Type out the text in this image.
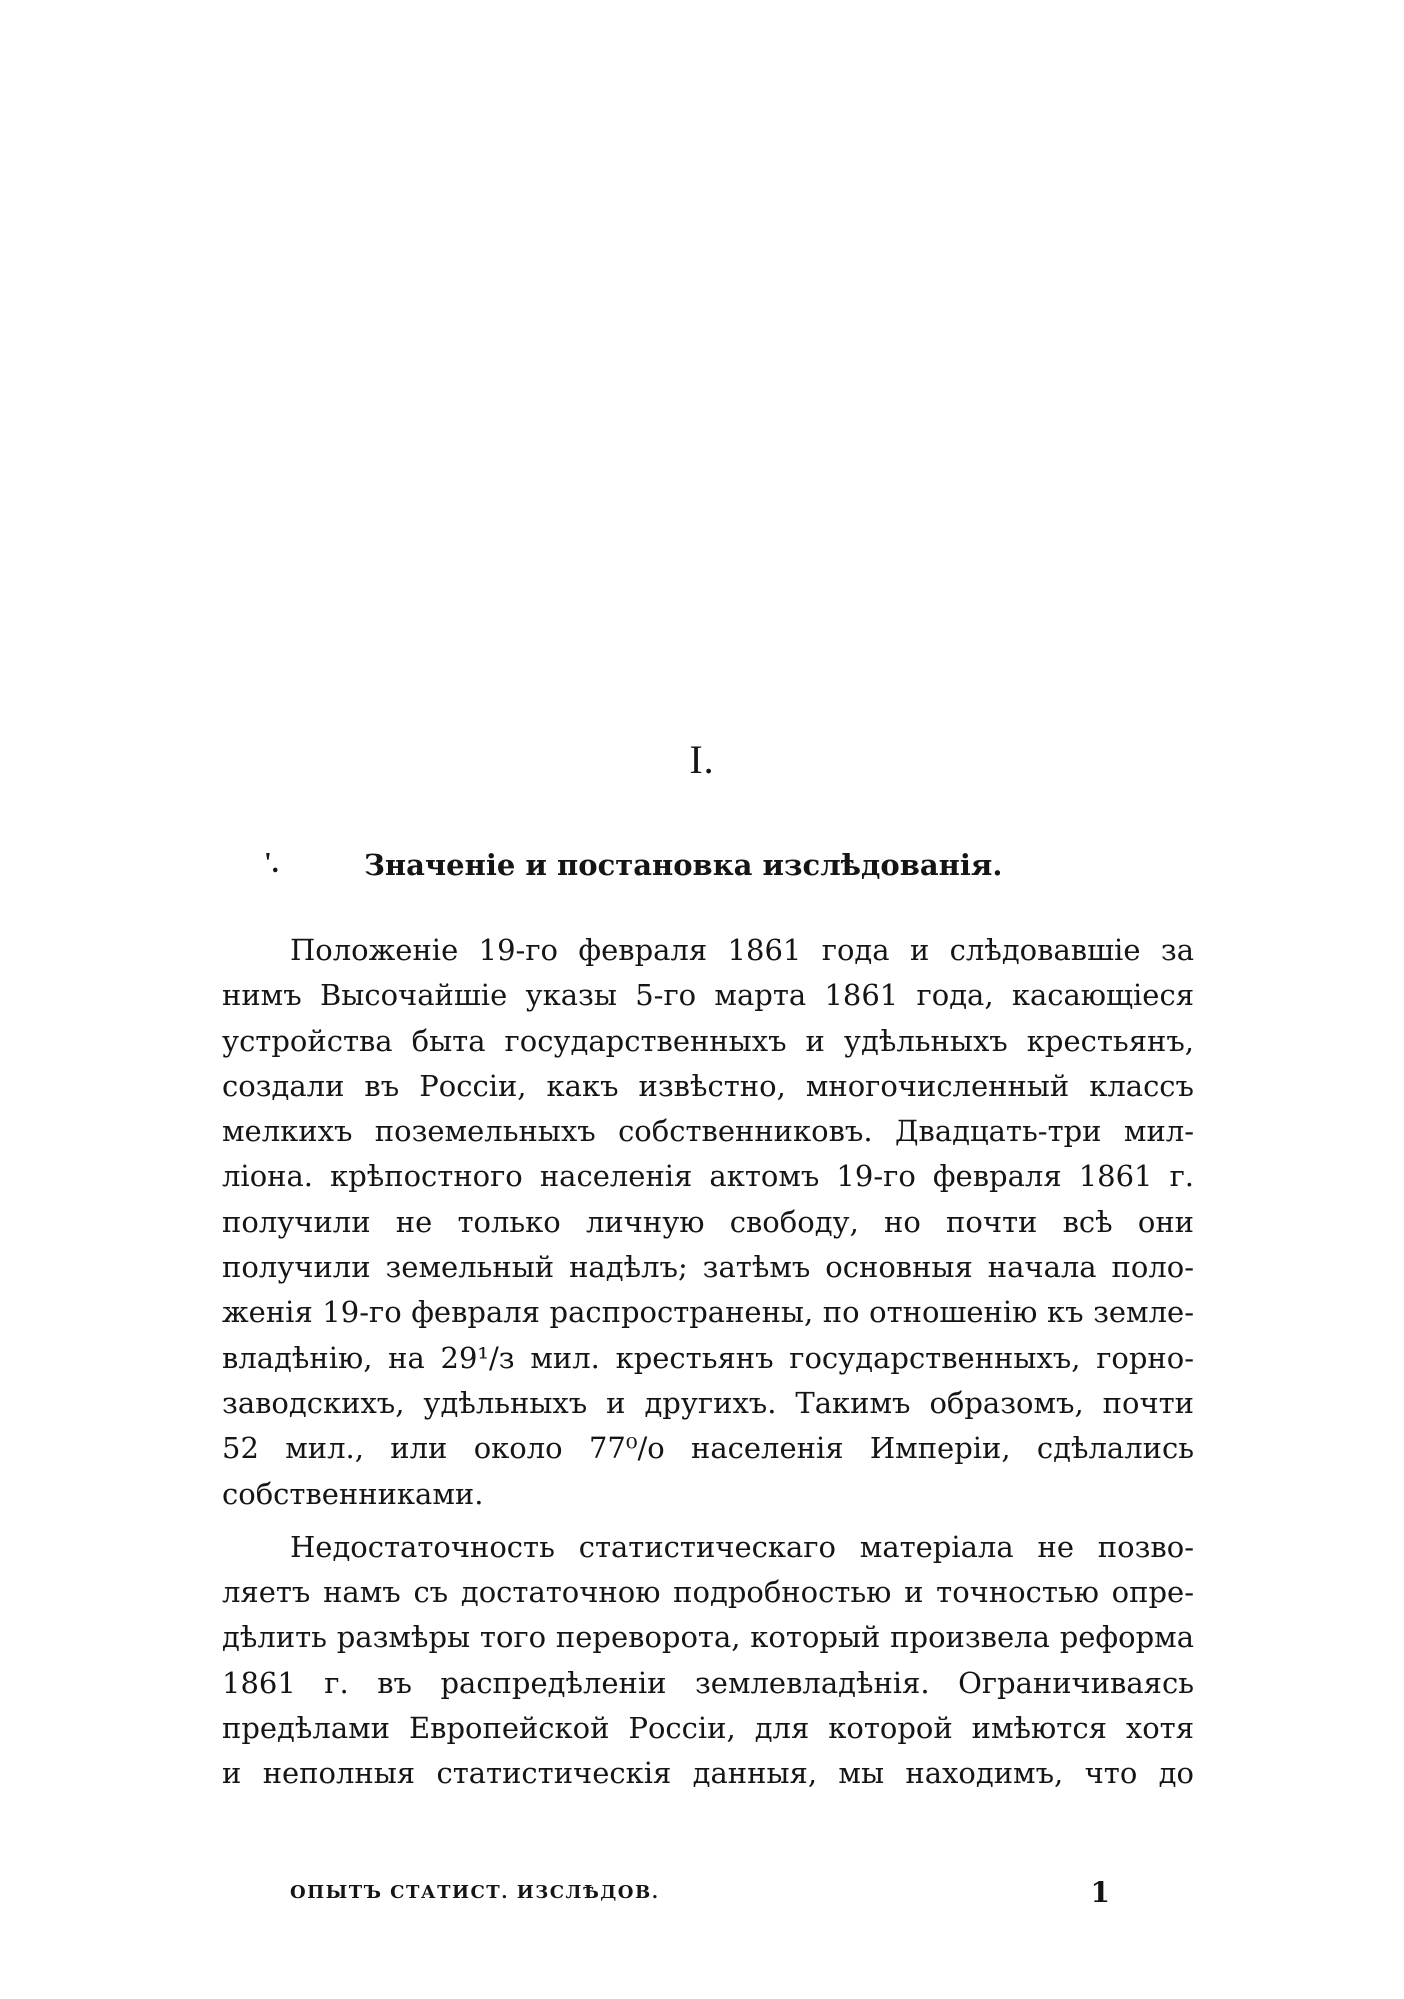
I.
'.	Значенiе и постановка изслѣдованiя.
Положенiе 19-го февраля 1861 года и слѣдовавшiе за
нимъ Высочайшiе указы 5-го марта 1861 года, касающiеся
устройства быта государственныхъ и удѣльныхъ крестьянъ,
создали въ Россiи, какъ извѣстно, многочисленный классъ
мелкихъ поземельныхъ собственниковъ. Двадцать-три мил-
лiона. крѣпостного населенiя актомъ 19-го февраля 1861 г.
получили не только личную свободу, но почти всѣ они
получили земельный надѣлъ; затѣмъ основныя начала поло-
женiя 19-го февраля распространены, по отношенiю къ земле-
владѣнiю, на 29¹/з мил. крестьянъ государственныхъ, горно-
заводскихъ, удѣльныхъ и другихъ. Такимъ образомъ, почти
52 мил., или около 77⁰/о населенiя Имперiи, сдѣлались
собственниками.
Недостаточность статистическаго матерiала не позво-
ляетъ намъ съ достаточною подробностью и точностью опре-
дѣлить размѣры того переворота, который произвела реформа
1861 г. въ распредѣленiи землевладѣнiя. Ограничиваясь
предѣлами Европейской Россiи, для которой имѣются хотя
и неполныя статистическiя данныя, мы находимъ, что до
ОПЫТЪ СТАТИСТ. ИЗСЛѢДОВ.	1
